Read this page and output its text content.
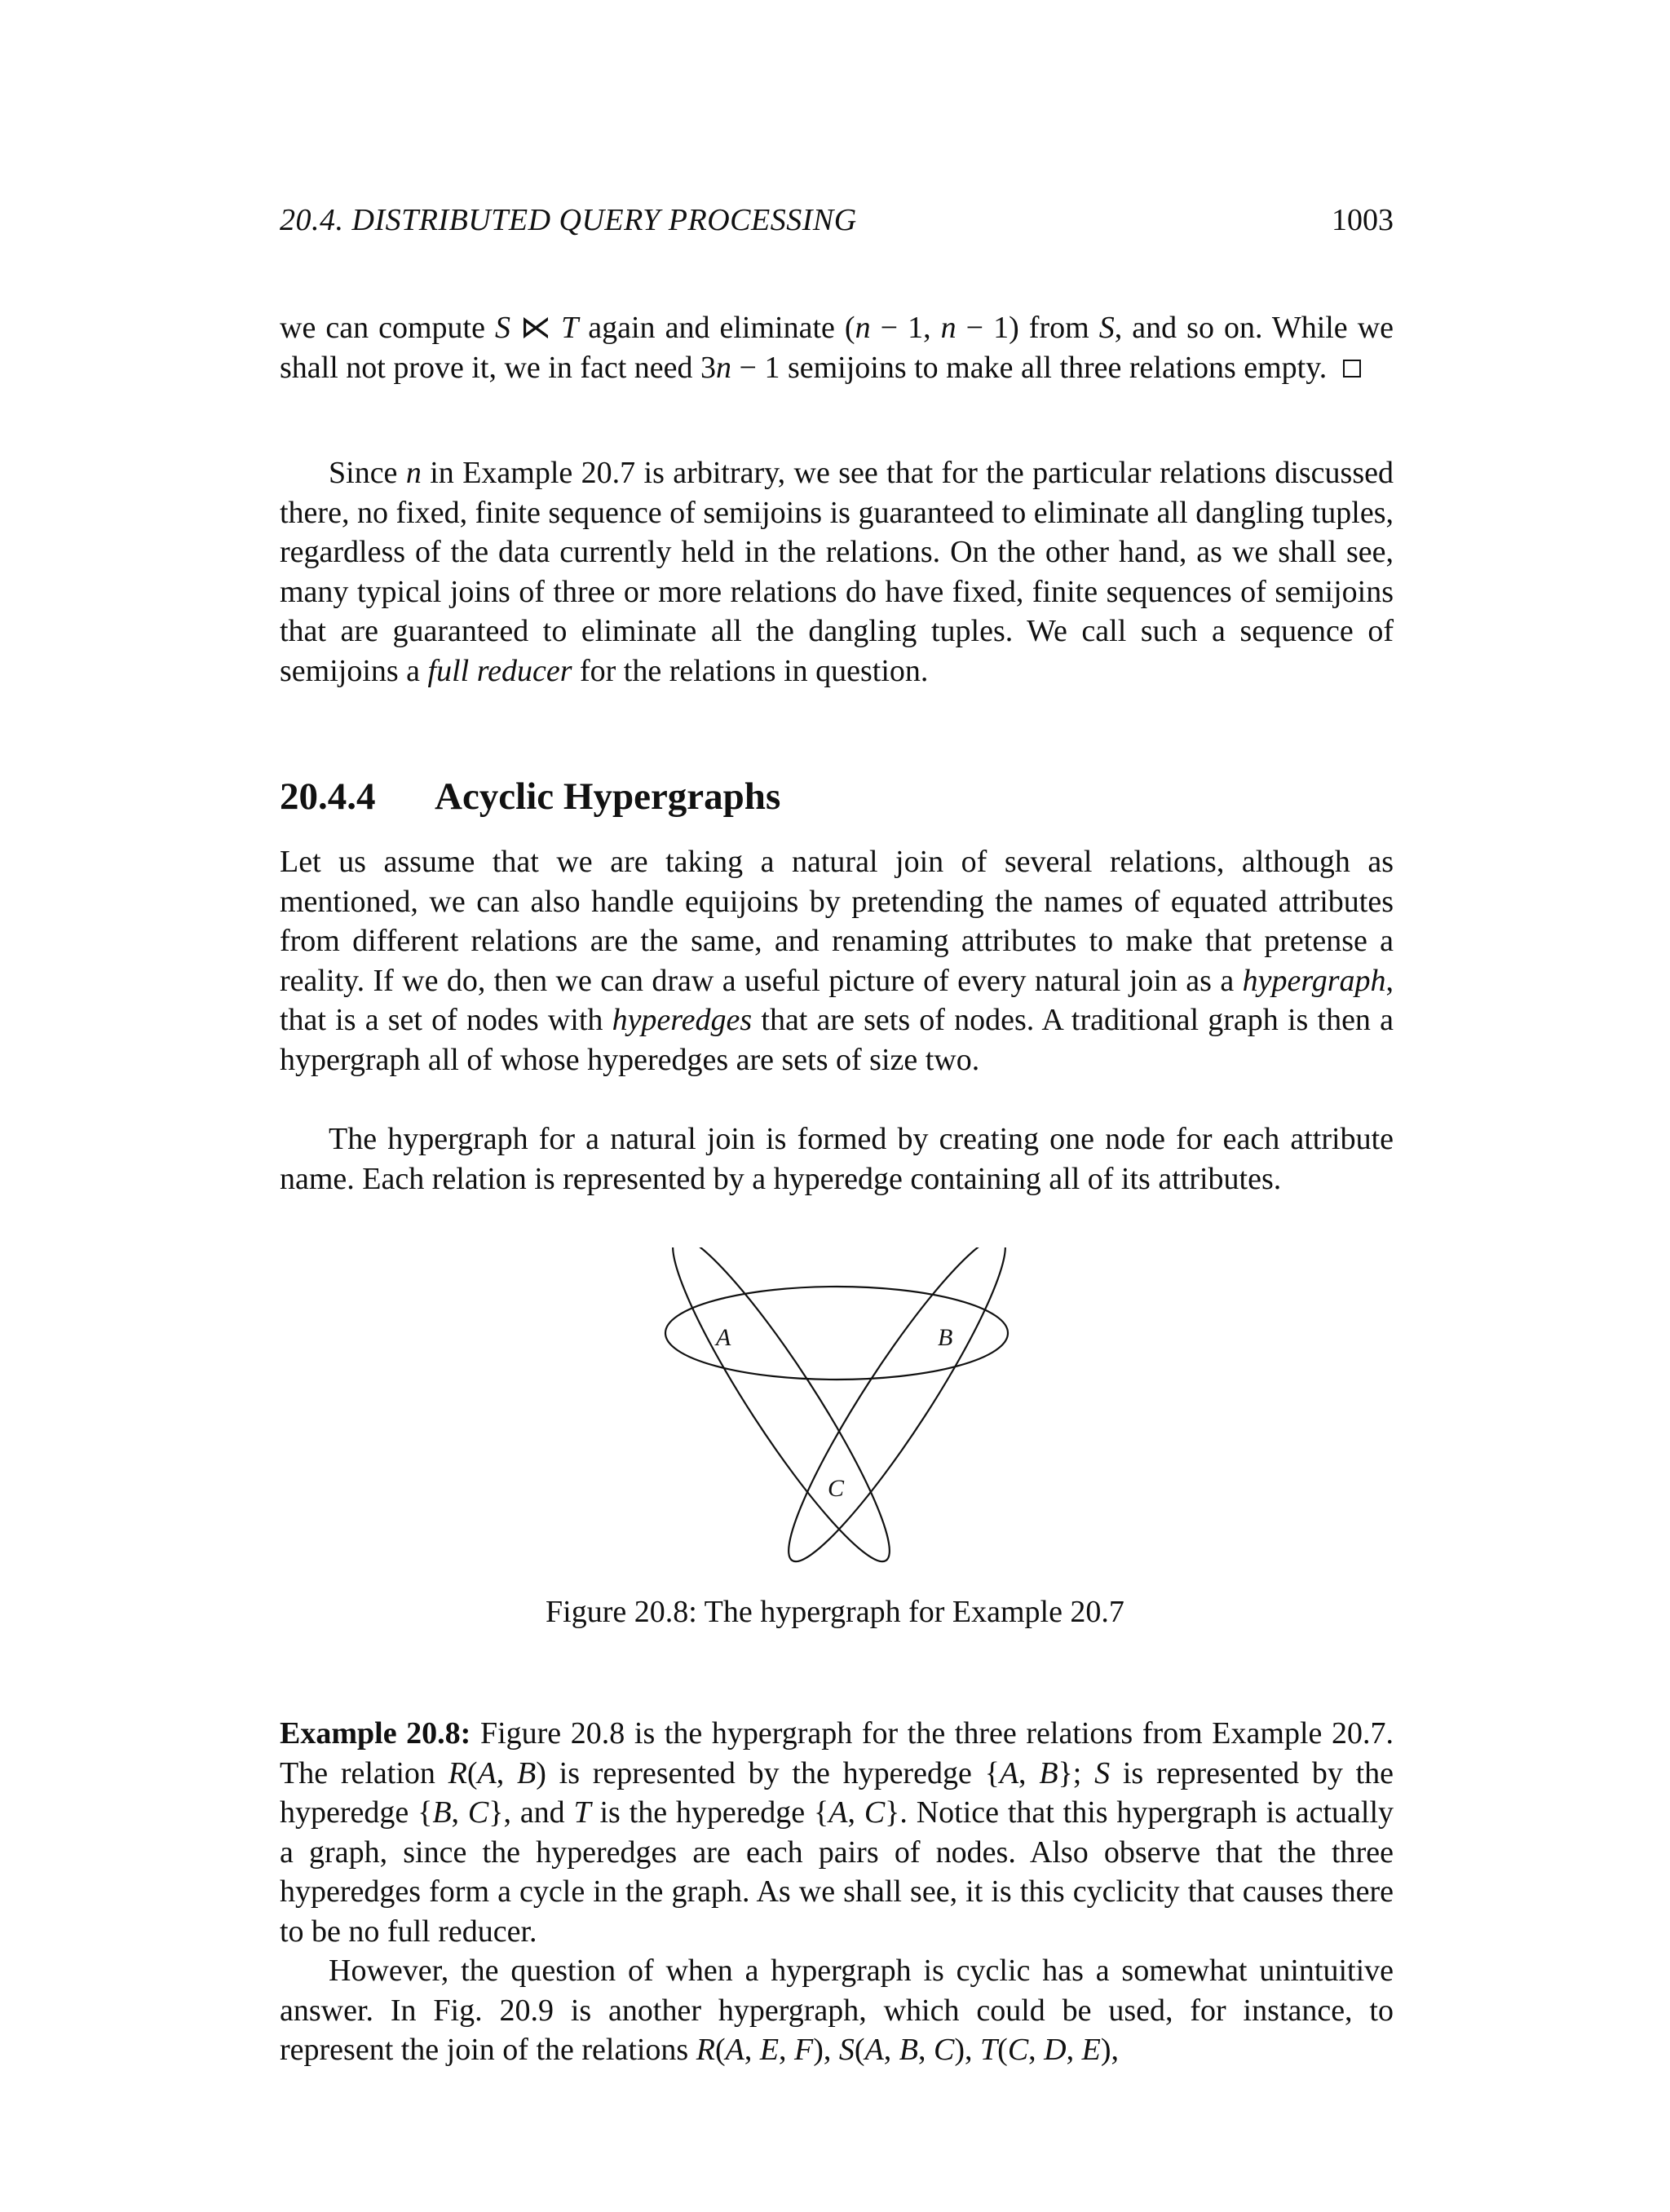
20.4. DISTRIBUTED QUERY PROCESSING	1003

we can compute S ⋉ T again and eliminate (n − 1, n − 1) from S, and so on. While we shall not prove it, we in fact need 3n − 1 semijoins to make all three relations empty.

Since n in Example 20.7 is arbitrary, we see that for the particular relations discussed there, no fixed, finite sequence of semijoins is guaranteed to eliminate all dangling tuples, regardless of the data currently held in the relations. On the other hand, as we shall see, many typical joins of three or more relations do have fixed, finite sequences of semijoins that are guaranteed to eliminate all the dangling tuples. We call such a sequence of semijoins a full reducer for the relations in question.

20.4.4 Acyclic Hypergraphs

Let us assume that we are taking a natural join of several relations, although as mentioned, we can also handle equijoins by pretending the names of equated attributes from different relations are the same, and renaming attributes to make that pretense a reality. If we do, then we can draw a useful picture of every natural join as a hypergraph, that is a set of nodes with hyperedges that are sets of nodes. A traditional graph is then a hypergraph all of whose hyperedges are sets of size two.

The hypergraph for a natural join is formed by creating one node for each attribute name. Each relation is represented by a hyperedge containing all of its attributes.

A	B
C
Figure 20.8: The hypergraph for Example 20.7

Example 20.8: Figure 20.8 is the hypergraph for the three relations from Example 20.7. The relation R(A, B) is represented by the hyperedge {A, B}; S is represented by the hyperedge {B, C}, and T is the hyperedge {A, C}. Notice that this hypergraph is actually a graph, since the hyperedges are each pairs of nodes. Also observe that the three hyperedges form a cycle in the graph. As we shall see, it is this cyclicity that causes there to be no full reducer.

However, the question of when a hypergraph is cyclic has a somewhat unintuitive answer. In Fig. 20.9 is another hypergraph, which could be used, for instance, to represent the join of the relations R(A, E, F), S(A, B, C), T(C, D, E),
